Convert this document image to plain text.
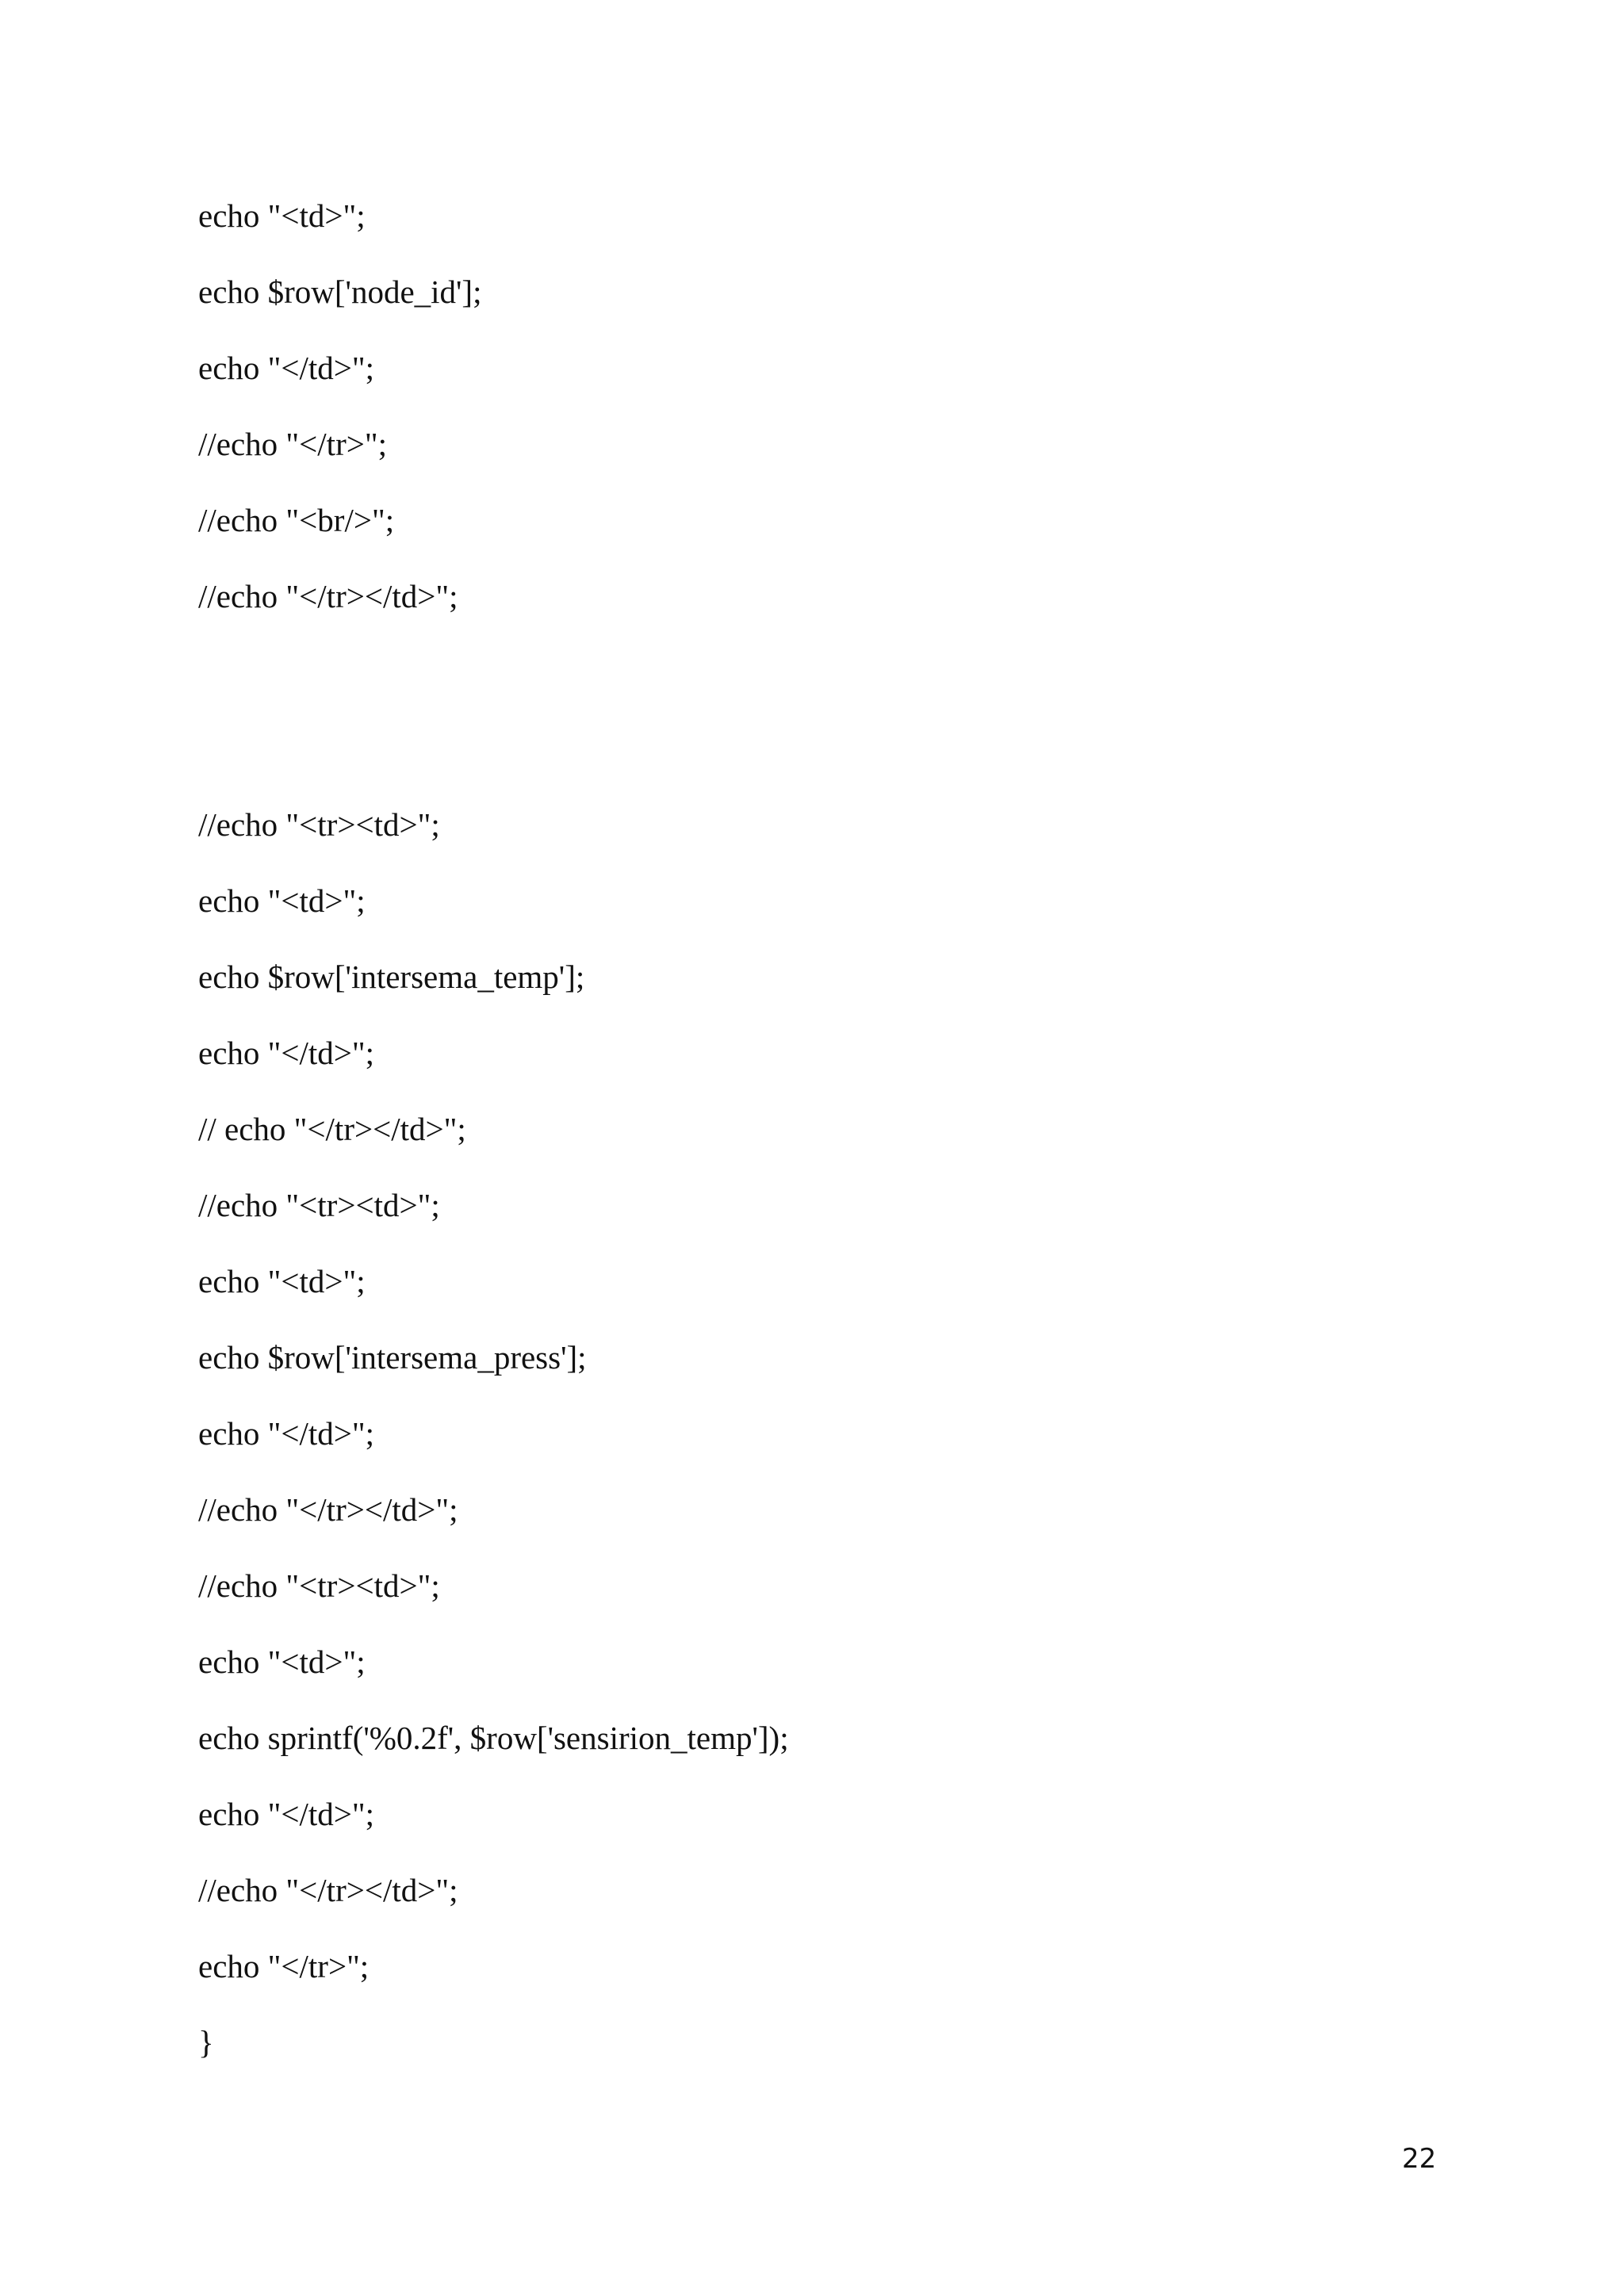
echo "<td>";
echo $row['node_id'];
echo "</td>";
//echo "</tr>";
//echo "<br/>";
//echo "</tr></td>";
//echo "<tr><td>";
echo "<td>";
echo $row['intersema_temp'];
echo "</td>";
// echo "</tr></td>";
//echo "<tr><td>";
echo "<td>";
echo $row['intersema_press'];
echo "</td>";
//echo "</tr></td>";
//echo "<tr><td>";
echo "<td>";
echo sprintf('%0.2f', $row['sensirion_temp']);
echo "</td>";
//echo "</tr></td>";
echo "</tr>";
}
22
